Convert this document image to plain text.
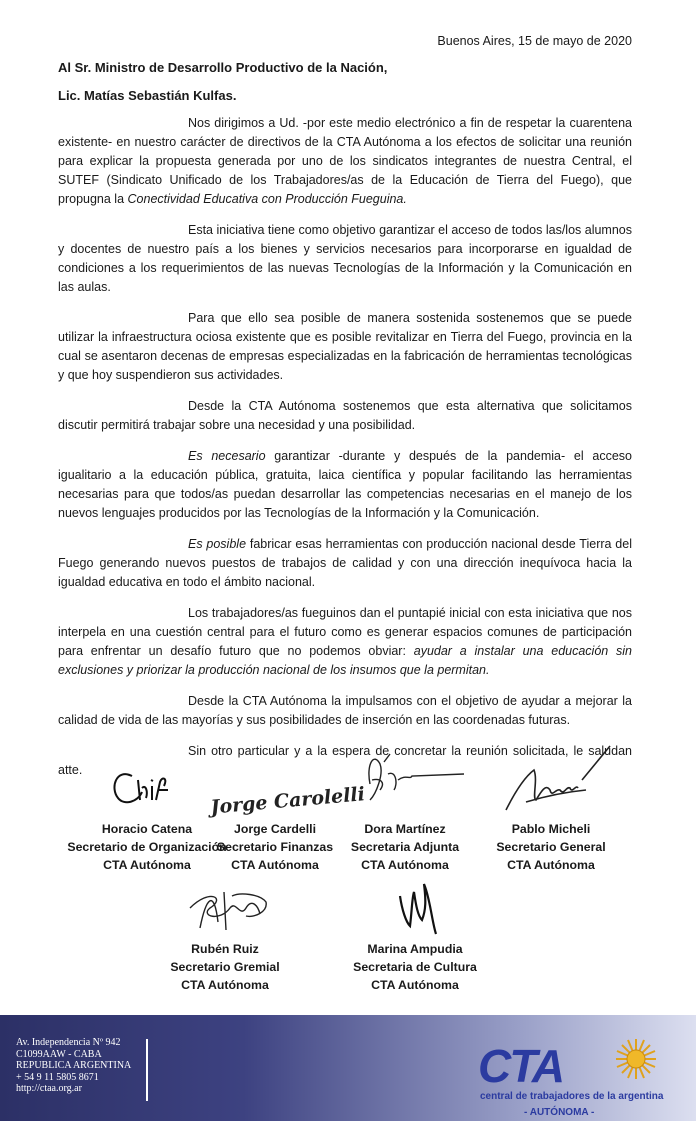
Buenos Aires, 15 de mayo de 2020
Al Sr. Ministro de Desarrollo Productivo de la Nación,
Lic. Matías Sebastián Kulfas.

Nos dirigimos a Ud. -por este medio electrónico a fin de respetar la cuarentena existente- en nuestro carácter de directivos de la CTA Autónoma a los efectos de solicitar una reunión para explicar la propuesta generada por uno de los sindicatos integrantes de nuestra Central, el SUTEF (Sindicato Unificado de los Trabajadores/as de la Educación de Tierra del Fuego), que propugna la Conectividad Educativa con Producción Fueguina.

Esta iniciativa tiene como objetivo garantizar el acceso de todos las/los alumnos y docentes de nuestro país a los bienes y servicios necesarios para incorporarse en igualdad de condiciones a los requerimientos de las nuevas Tecnologías de la Información y la Comunicación en las aulas.

Para que ello sea posible de manera sostenida sostenemos que se puede utilizar la infraestructura ociosa existente que es posible revitalizar en Tierra del Fuego, provincia en la cual se asentaron decenas de empresas especializadas en la fabricación de herramientas tecnológicas y que hoy suspendieron sus actividades.

Desde la CTA Autónoma sostenemos que esta alternativa que solicitamos discutir permitirá trabajar sobre una necesidad y una posibilidad.

Es necesario garantizar -durante y después de la pandemia- el acceso igualitario a la educación pública, gratuita, laica científica y popular facilitando las herramientas necesarias para que todos/as puedan desarrollar las competencias necesarias en el manejo de los nuevos lenguajes producidos por las Tecnologías de la Información y la Comunicación.

Es posible fabricar esas herramientas con producción nacional desde Tierra del Fuego generando nuevos puestos de trabajos de calidad y con una dirección inequívoca hacia la igualdad educativa en todo el ámbito nacional.

Los trabajadores/as fueguinos dan el puntapié inicial con esta iniciativa que nos interpela en una cuestión central para el futuro como es generar espacios comunes de participación para enfrentar un desafío futuro que no podemos obviar: ayudar a instalar una educación sin exclusiones y priorizar la producción nacional de los insumos que la permitan.

Desde la CTA Autónoma la impulsamos con el objetivo de ayudar a mejorar la calidad de vida de las mayorías y sus posibilidades de inserción en las coordenadas futuras.

Sin otro particular y a la espera de concretar la reunión solicitada, le saludan atte.

Horacio Catena
Secretario de Organización
CTA Autónoma
Jorge Carolelli
Jorge Cardelli
Secretario Finanzas
CTA Autónoma
Dora Martínez
Secretaria Adjunta
CTA Autónoma
Pablo Micheli
Secretario General
CTA Autónoma
Rubén Ruiz
Secretario Gremial
CTA Autónoma
Marina Ampudia
Secretaria de Cultura
CTA Autónoma
Av. Independencia Nº 942
C1099AAW - CABA
REPUBLICA ARGENTINA
+ 54 9 11 5805 8671
http://ctaa.org.ar	CTA
central de trabajadores de la argentina
- AUTÓNOMA -
